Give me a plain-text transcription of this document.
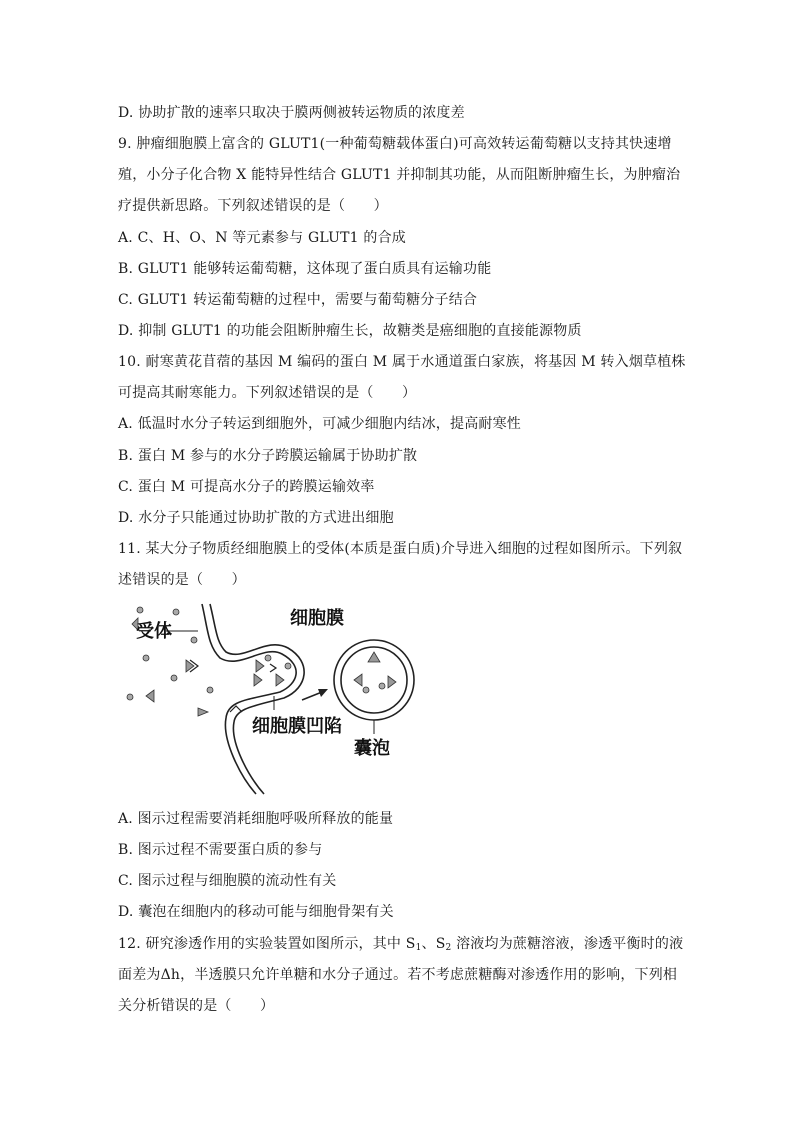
D. 协助扩散的速率只取决于膜两侧被转运物质的浓度差
9. 肿瘤细胞膜上富含的 GLUT1(一种葡萄糖载体蛋白)可高效转运葡萄糖以支持其快速增
殖，小分子化合物 X 能特异性结合 GLUT1 并抑制其功能，从而阻断肿瘤生长，为肿瘤治
疗提供新思路。下列叙述错误的是（　　）
A. C、H、O、N 等元素参与 GLUT1 的合成
B. GLUT1 能够转运葡萄糖，这体现了蛋白质具有运输功能
C. GLUT1 转运葡萄糖的过程中，需要与葡萄糖分子结合
D. 抑制 GLUT1 的功能会阻断肿瘤生长，故糖类是癌细胞的直接能源物质
10. 耐寒黄花苜蓿的基因 M 编码的蛋白 M 属于水通道蛋白家族，将基因 M 转入烟草植株
可提高其耐寒能力。下列叙述错误的是（　　）
A. 低温时水分子转运到细胞外，可减少细胞内结冰，提高耐寒性
B. 蛋白 M 参与的水分子跨膜运输属于协助扩散
C. 蛋白 M 可提高水分子的跨膜运输效率
D. 水分子只能通过协助扩散的方式进出细胞
11. 某大分子物质经细胞膜上的受体(本质是蛋白质)介导进入细胞的过程如图所示。下列叙
述错误的是（　　）
受体
细胞膜
细胞膜凹陷
囊泡
A. 图示过程需要消耗细胞呼吸所释放的能量
B. 图示过程不需要蛋白质的参与
C. 图示过程与细胞膜的流动性有关
D. 囊泡在细胞内的移动可能与细胞骨架有关
12. 研究渗透作用的实验装置如图所示，其中 $S_1$、$S_2$ 溶液均为蔗糖溶液，渗透平衡时的液
面差为Δh，半透膜只允许单糖和水分子通过。若不考虑蔗糖酶对渗透作用的影响，下列相
关分析错误的是（　　）
